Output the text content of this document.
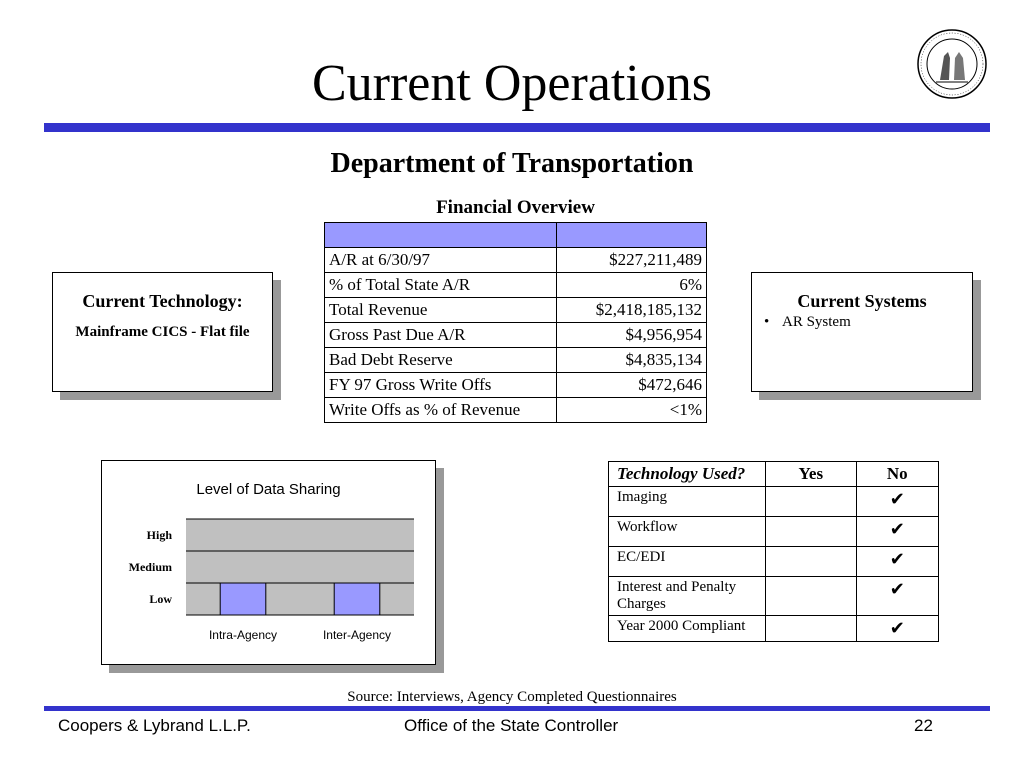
Current Operations
Department of Transportation
Financial Overview

A/R at 6/30/97	$227,211,489
% of Total State A/R	6%
Total Revenue	$2,418,185,132
Gross Past Due A/R	$4,956,954
Bad Debt Reserve	$4,835,134
FY 97 Gross Write Offs	$472,646
Write Offs as % of Revenue	<1%
Current Technology:
Mainframe CICS - Flat file
Current Systems
• AR System
Level of Data Sharing
Low
Medium
High
Intra-Agency	Inter-Agency
Technology Used?	Yes	No
Imaging		✔
Workflow		✔
EC/EDI		✔
Interest and Penalty Charges		✔
Year 2000 Compliant		✔
Source: Interviews, Agency Completed Questionnaires
Coopers & Lybrand L.L.P.	Office of the State Controller	22
